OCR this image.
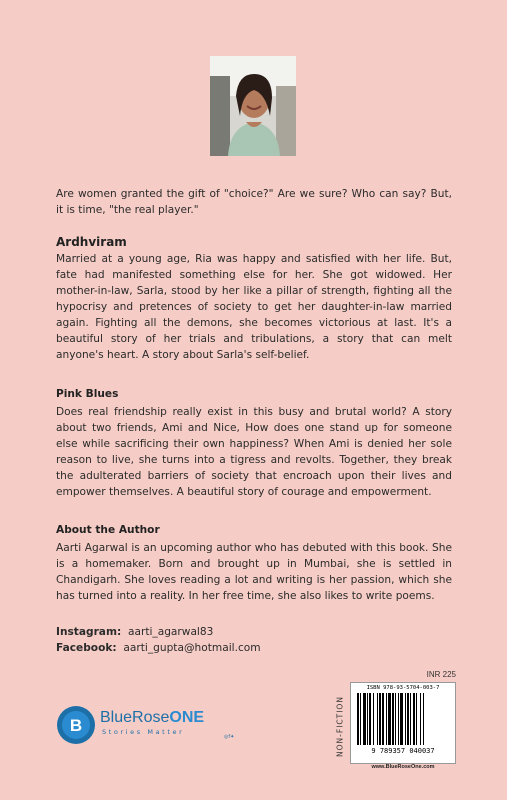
Are women granted the gift of "choice?" Are we sure? Who can say? But, it is time, "the real player."

Ardhviram

Married at a young age, Ria was happy and satisfied with her life. But, fate had manifested something else for her. She got widowed. Her mother-in-law, Sarla, stood by her like a pillar of strength, fighting all the hypocrisy and pretences of society to get her daughter-in-law married again. Fighting all the demons, she becomes victorious at last. It's a beautiful story of her trials and tribulations, a story that can melt anyone's heart. A story about Sarla's self-belief.

Pink Blues

Does real friendship really exist in this busy and brutal world? A story about two friends, Ami and Nice, How does one stand up for someone else while sacrificing their own happiness? When Ami is denied her sole reason to live, she turns into a tigress and revolts. Together, they break the adulterated barriers of society that encroach upon their lives and empower themselves. A beautiful story of courage and empowerment.

About the Author

Aarti Agarwal is an upcoming author who has debuted with this book. She is a homemaker. Born and brought up in Mumbai, she is settled in Chandigarh. She loves reading a lot and writing is her passion, which she has turned into a reality. In her free time, she also likes to write poems.

Instagram: aarti_agarwal83
Facebook: aarti_gupta@hotmail.com
B BlueRoseONE
Stories Matter
◎f✦
INR 225
NON-FICTION
ISBN 978-93-5704-003-7
9 789357 040037
www.BlueRoseOne.com
